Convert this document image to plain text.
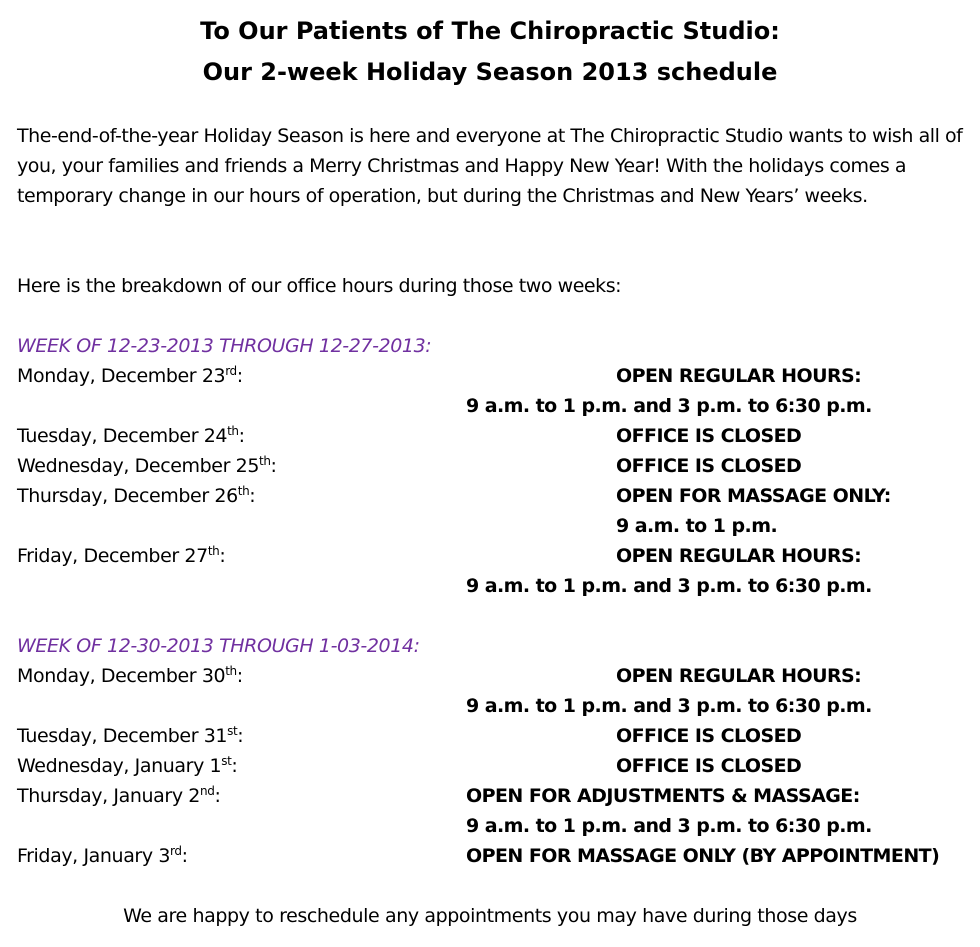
To Our Patients of The Chiropractic Studio:
Our 2-week Holiday Season 2013 schedule
The-end-of-the-year Holiday Season is here and everyone at The Chiropractic Studio wants to wish all of you, your families and friends a Merry Christmas and Happy New Year! With the holidays comes a temporary change in our hours of operation, but during the Christmas and New Years’ weeks.
Here is the breakdown of our office hours during those two weeks:
WEEK OF 12-23-2013 THROUGH 12-27-2013:
Monday, December 23rd:	OPEN REGULAR HOURS:
9 a.m. to 1 p.m. and 3 p.m. to 6:30 p.m.
Tuesday, December 24th:	OFFICE IS CLOSED
Wednesday, December 25th:	OFFICE IS CLOSED
Thursday, December 26th:	OPEN FOR MASSAGE ONLY:
9 a.m. to 1 p.m.
Friday, December 27th:	OPEN REGULAR HOURS:
9 a.m. to 1 p.m. and 3 p.m. to 6:30 p.m.
WEEK OF 12-30-2013 THROUGH 1-03-2014:
Monday, December 30th:	OPEN REGULAR HOURS:
9 a.m. to 1 p.m. and 3 p.m. to 6:30 p.m.
Tuesday, December 31st:	OFFICE IS CLOSED
Wednesday, January 1st:	OFFICE IS CLOSED
Thursday, January 2nd:	OPEN FOR ADJUSTMENTS & MASSAGE:
9 a.m. to 1 p.m. and 3 p.m. to 6:30 p.m.
Friday, January 3rd:	OPEN FOR MASSAGE ONLY (BY APPOINTMENT)
We are happy to reschedule any appointments you may have during those days
